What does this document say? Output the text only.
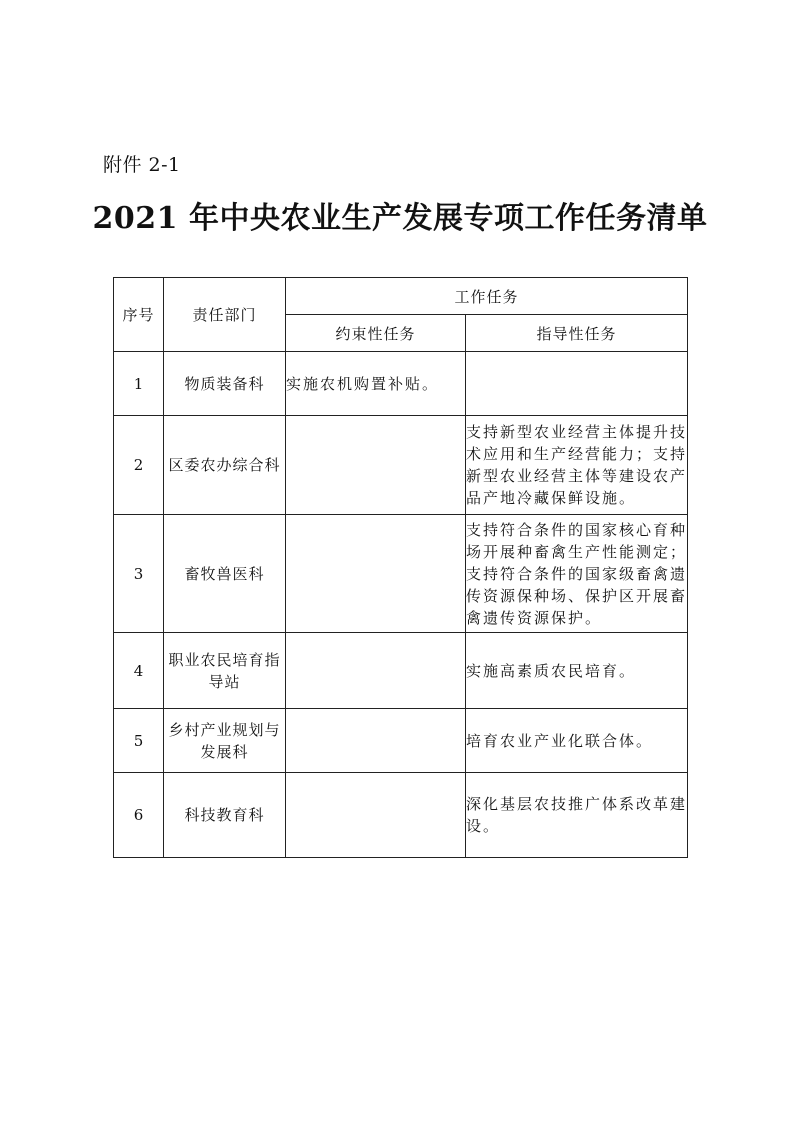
附件 2-1
2021 年中央农业生产发展专项工作任务清单
序号	责任部门	工作任务	
		约束性任务	指导性任务
1	物质装备科	实施农机购置补贴。	
2	区委农办综合科		支持新型农业经营主体提升技术应用和生产经营能力；支持新型农业经营主体等建设农产品产地冷藏保鲜设施。
3	畜牧兽医科		支持符合条件的国家核心育种场开展种畜禽生产性能测定；支持符合条件的国家级畜禽遗传资源保种场、保护区开展畜禽遗传资源保护。
4	职业农民培育指导站		实施高素质农民培育。
5	乡村产业规划与发展科		培育农业产业化联合体。
6	科技教育科		深化基层农技推广体系改革建设。
